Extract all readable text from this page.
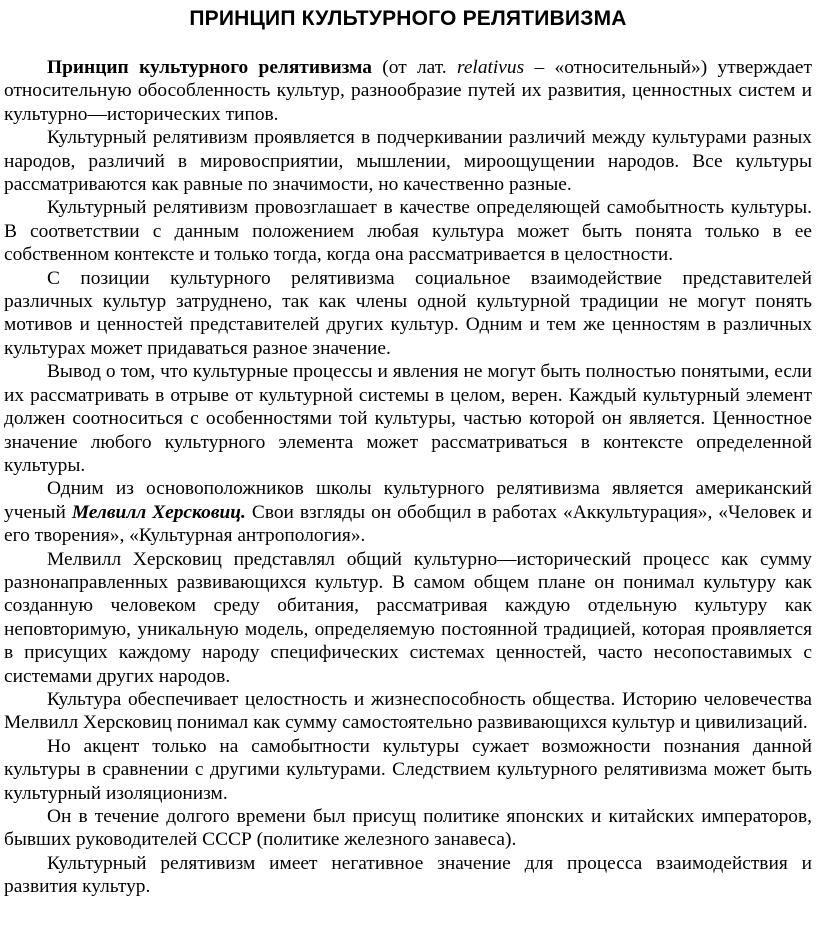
ПРИНЦИП КУЛЬТУРНОГО РЕЛЯТИВИЗМА

Принцип культурного релятивизма (от лат. relativus – «относительный») утверждает относительную обособленность культур, разнообразие путей их развития, ценностных систем и культурно—исторических типов.

Культурный релятивизм проявляется в подчеркивании различий между культурами разных народов, различий в мировосприятии, мышлении, мироощущении народов. Все культуры рассматриваются как равные по значимости, но качественно разные.

Культурный релятивизм провозглашает в качестве определяющей самобытность культуры. В соответствии с данным положением любая культура может быть понята только в ее собственном контексте и только тогда, когда она рассматривается в целостности.

С позиции культурного релятивизма социальное взаимодействие представителей различных культур затруднено, так как члены одной культурной традиции не могут понять мотивов и ценностей представителей других культур. Одним и тем же ценностям в различных культурах может придаваться разное значение.

Вывод о том, что культурные процессы и явления не могут быть полностью понятыми, если их рассматривать в отрыве от культурной системы в целом, верен. Каждый культурный элемент должен соотноситься с особенностями той культуры, частью которой он является. Ценностное значение любого культурного элемента может рассматриваться в контексте определенной культуры.

Одним из основоположников школы культурного релятивизма является американский ученый Мелвилл Херсковиц. Свои взгляды он обобщил в работах «Аккультурация», «Человек и его творения», «Культурная антропология».

Мелвилл Херсковиц представлял общий культурно—исторический процесс как сумму разнонаправленных развивающихся культур. В самом общем плане он понимал культуру как созданную человеком среду обитания, рассматривая каждую отдельную культуру как неповторимую, уникальную модель, определяемую постоянной традицией, которая проявляется в присущих каждому народу специфических системах ценностей, часто несопоставимых с системами других народов.

Культура обеспечивает целостность и жизнеспособность общества. Историю человечества Мелвилл Херсковиц понимал как сумму самостоятельно развивающихся культур и цивилизаций.

Но акцент только на самобытности культуры сужает возможности познания данной культуры в сравнении с другими культурами. Следствием культурного релятивизма может быть культурный изоляционизм.

Он в течение долгого времени был присущ политике японских и китайских императоров, бывших руководителей СССР (политике железного занавеса).

Культурный релятивизм имеет негативное значение для процесса взаимодействия и развития культур.
